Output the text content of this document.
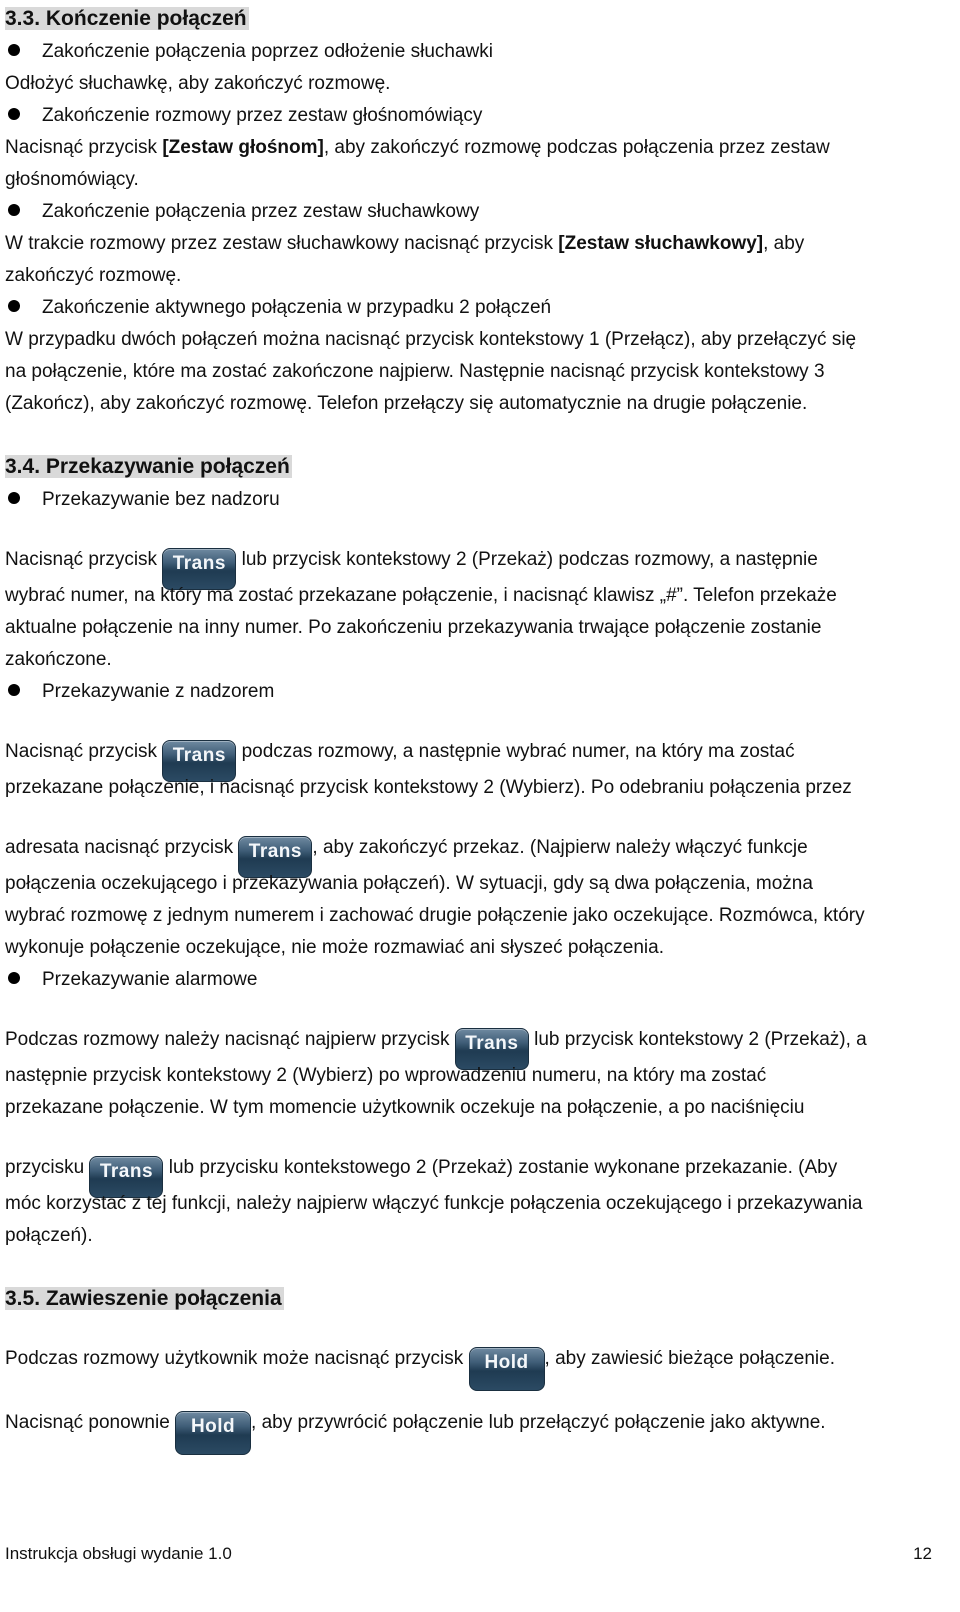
3.3. Kończenie połączeń
Zakończenie połączenia poprzez odłożenie słuchawki
Odłożyć słuchawkę, aby zakończyć rozmowę.
Zakończenie rozmowy przez zestaw głośnomówiący
Nacisnąć przycisk [Zestaw głośnom], aby zakończyć rozmowę podczas połączenia przez zestaw
głośnomówiący.
Zakończenie połączenia przez zestaw słuchawkowy
W trakcie rozmowy przez zestaw słuchawkowy nacisnąć przycisk [Zestaw słuchawkowy], aby
zakończyć rozmowę.
Zakończenie aktywnego połączenia w przypadku 2 połączeń
W przypadku dwóch połączeń można nacisnąć przycisk kontekstowy 1 (Przełącz), aby przełączyć się
na połączenie, które ma zostać zakończone najpierw. Następnie nacisnąć przycisk kontekstowy 3
(Zakończ), aby zakończyć rozmowę. Telefon przełączy się automatycznie na drugie połączenie.
3.4. Przekazywanie połączeń
Przekazywanie bez nadzoru
Nacisnąć przycisk Trans lub przycisk kontekstowy 2 (Przekaż) podczas rozmowy, a następnie
wybrać numer, na który ma zostać przekazane połączenie, i nacisnąć klawisz „#”. Telefon przekaże
aktualne połączenie na inny numer. Po zakończeniu przekazywania trwające połączenie zostanie
zakończone.
Przekazywanie z nadzorem
Nacisnąć przycisk Trans podczas rozmowy, a następnie wybrać numer, na który ma zostać
przekazane połączenie, i nacisnąć przycisk kontekstowy 2 (Wybierz). Po odebraniu połączenia przez
adresata nacisnąć przycisk Trans , aby zakończyć przekaz. (Najpierw należy włączyć funkcje
połączenia oczekującego i przekazywania połączeń). W sytuacji, gdy są dwa połączenia, można
wybrać rozmowę z jednym numerem i zachować drugie połączenie jako oczekujące. Rozmówca, który
wykonuje połączenie oczekujące, nie może rozmawiać ani słyszeć połączenia.
Przekazywanie alarmowe
Podczas rozmowy należy nacisnąć najpierw przycisk Trans lub przycisk kontekstowy 2 (Przekaż), a
następnie przycisk kontekstowy 2 (Wybierz) po wprowadzeniu numeru, na który ma zostać
przekazane połączenie. W tym momencie użytkownik oczekuje na połączenie, a po naciśnięciu
przycisku Trans lub przycisku kontekstowego 2 (Przekaż) zostanie wykonane przekazanie. (Aby
móc korzystać z tej funkcji, należy najpierw włączyć funkcje połączenia oczekującego i przekazywania
połączeń).
3.5. Zawieszenie połączenia
Podczas rozmowy użytkownik może nacisnąć przycisk Hold , aby zawiesić bieżące połączenie.
Nacisnąć ponownie Hold , aby przywrócić połączenie lub przełączyć połączenie jako aktywne.
Instrukcja obsługi wydanie 1.0	12
